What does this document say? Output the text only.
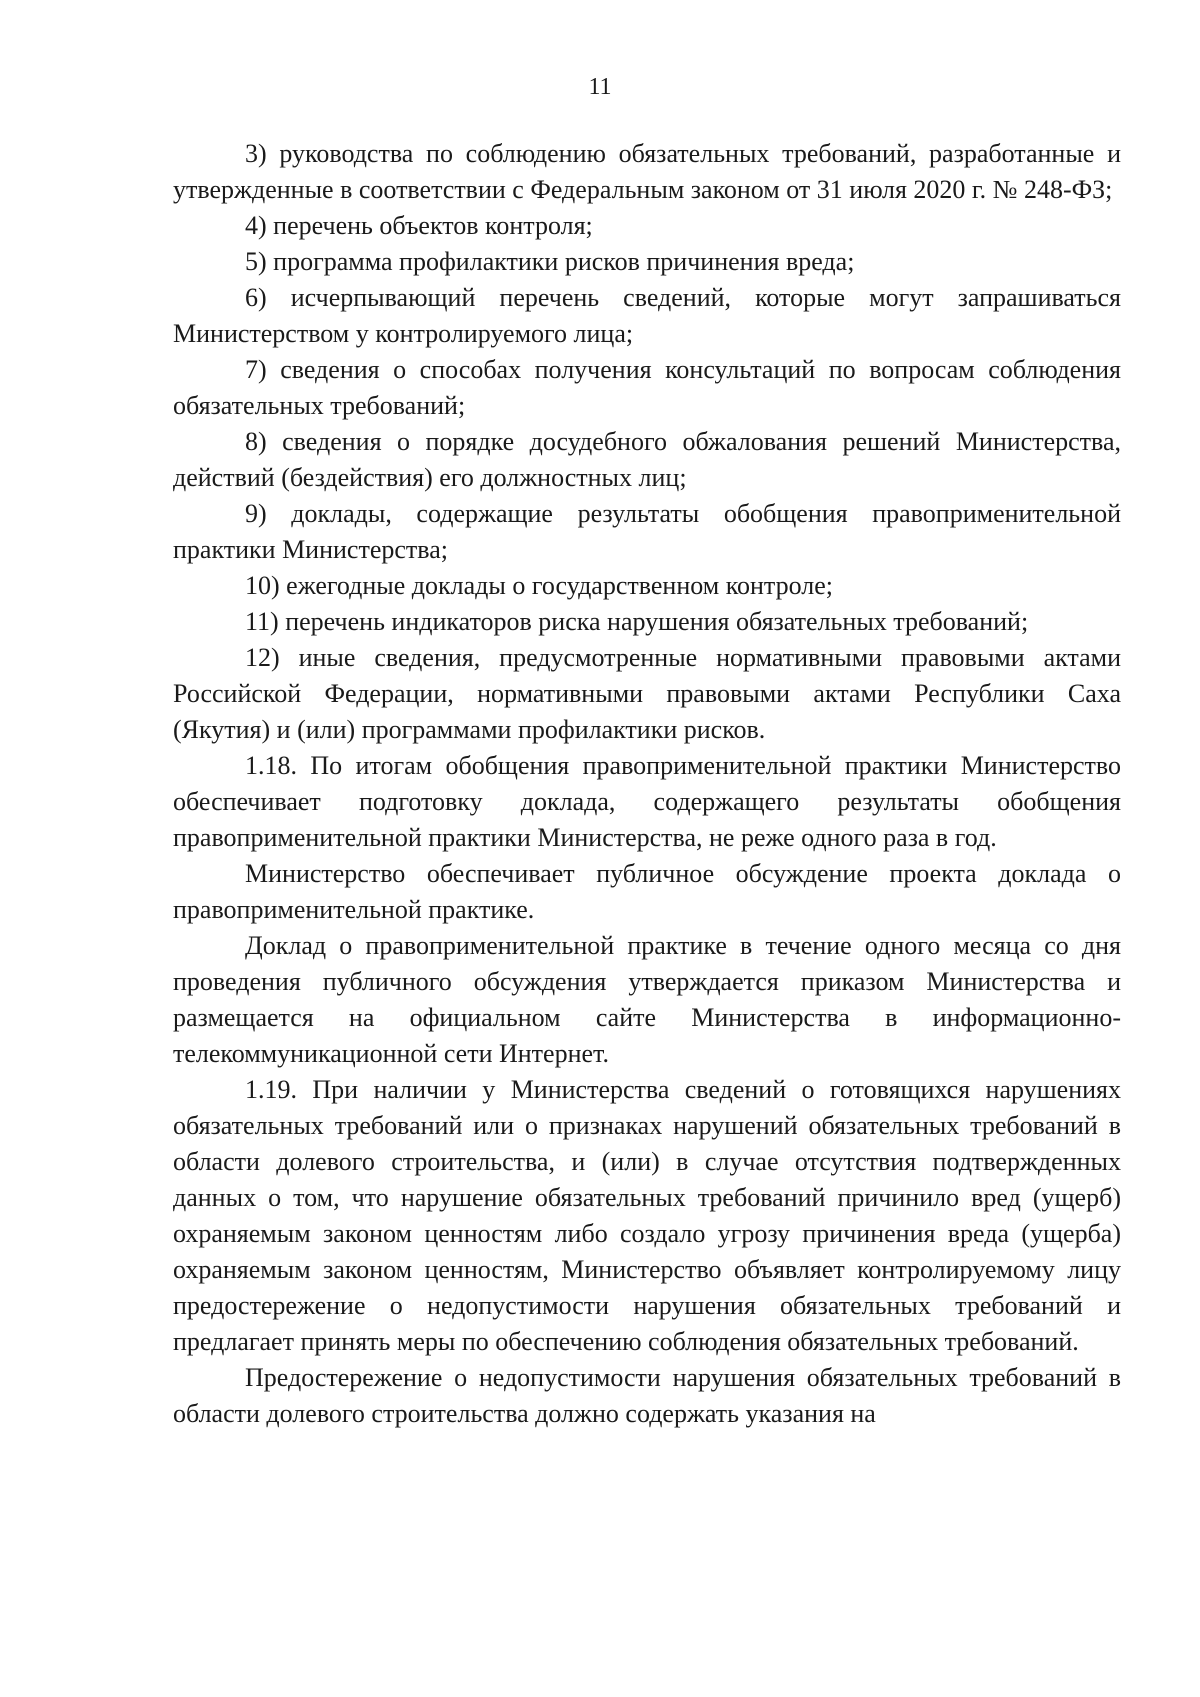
11

3) руководства по соблюдению обязательных требований, разработанные и утвержденные в соответствии с Федеральным законом от 31 июля 2020 г. № 248-ФЗ;

4) перечень объектов контроля;

5) программа профилактики рисков причинения вреда;

6) исчерпывающий перечень сведений, которые могут запрашиваться Министерством у контролируемого лица;

7) сведения о способах получения консультаций по вопросам соблюдения обязательных требований;

8) сведения о порядке досудебного обжалования решений Министерства, действий (бездействия) его должностных лиц;

9) доклады, содержащие результаты обобщения правоприменительной практики Министерства;

10) ежегодные доклады о государственном контроле;

11) перечень индикаторов риска нарушения обязательных требований;

12) иные сведения, предусмотренные нормативными правовыми актами Российской Федерации, нормативными правовыми актами Республики Саха (Якутия) и (или) программами профилактики рисков.

1.18. По итогам обобщения правоприменительной практики Министерство обеспечивает подготовку доклада, содержащего результаты обобщения правоприменительной практики Министерства, не реже одного раза в год.

Министерство обеспечивает публичное обсуждение проекта доклада о правоприменительной практике.

Доклад о правоприменительной практике в течение одного месяца со дня проведения публичного обсуждения утверждается приказом Министерства и размещается на официальном сайте Министерства в информационно-телекоммуникационной сети Интернет.

1.19. При наличии у Министерства сведений о готовящихся нарушениях обязательных требований или о признаках нарушений обязательных требований в области долевого строительства, и (или) в случае отсутствия подтвержденных данных о том, что нарушение обязательных требований причинило вред (ущерб) охраняемым законом ценностям либо создало угрозу причинения вреда (ущерба) охраняемым законом ценностям, Министерство объявляет контролируемому лицу предостережение о недопустимости нарушения обязательных требований и предлагает принять меры по обеспечению соблюдения обязательных требований.

Предостережение о недопустимости нарушения обязательных требований в области долевого строительства должно содержать указания на
